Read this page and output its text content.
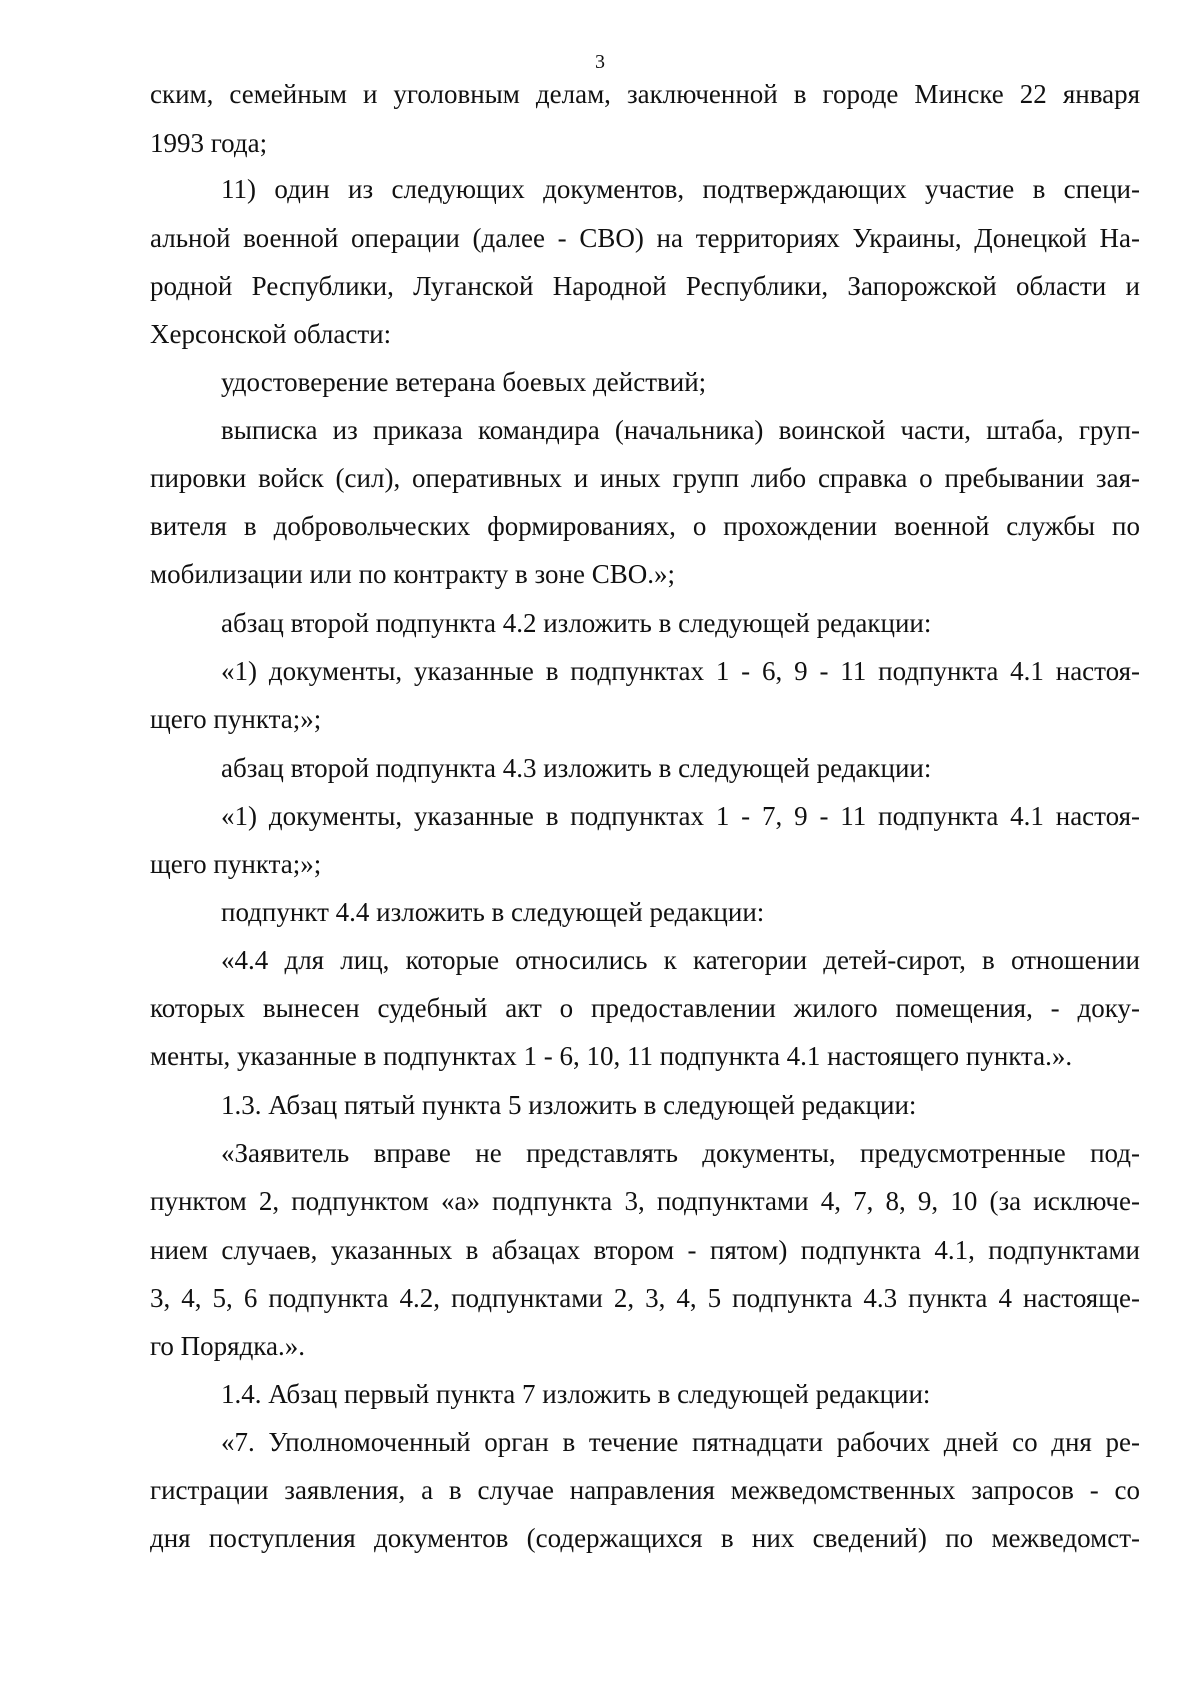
3
ским, семейным и уголовным делам, заключенной в городе Минске 22 января
1993 года;
11) один из следующих документов, подтверждающих участие в специ-
альной военной операции (далее - СВО) на территориях Украины, Донецкой На-
родной Республики, Луганской Народной Республики, Запорожской области и
Херсонской области:
удостоверение ветерана боевых действий;
выписка из приказа командира (начальника) воинской части, штаба, груп-
пировки войск (сил), оперативных и иных групп либо справка о пребывании зая-
вителя в добровольческих формированиях, о прохождении военной службы по
мобилизации или по контракту в зоне СВО.»;
абзац второй подпункта 4.2 изложить в следующей редакции:
«1) документы, указанные в подпунктах 1 - 6, 9 - 11 подпункта 4.1 настоя-
щего пункта;»;
абзац второй подпункта 4.3 изложить в следующей редакции:
«1) документы, указанные в подпунктах 1 - 7, 9 - 11 подпункта 4.1 настоя-
щего пункта;»;
подпункт 4.4 изложить в следующей редакции:
«4.4 для лиц, которые относились к категории детей-сирот, в отношении
которых вынесен судебный акт о предоставлении жилого помещения, - доку-
менты, указанные в подпунктах 1 - 6, 10, 11 подпункта 4.1 настоящего пункта.».
1.3. Абзац пятый пункта 5 изложить в следующей редакции:
«Заявитель вправе не представлять документы, предусмотренные под-
пунктом 2, подпунктом «а» подпункта 3, подпунктами 4, 7, 8, 9, 10 (за исключе-
нием случаев, указанных в абзацах втором - пятом) подпункта 4.1, подпунктами
3, 4, 5, 6 подпункта 4.2, подпунктами 2, 3, 4, 5 подпункта 4.3 пункта 4 настояще-
го Порядка.».
1.4. Абзац первый пункта 7 изложить в следующей редакции:
«7. Уполномоченный орган в течение пятнадцати рабочих дней со дня ре-
гистрации заявления, а в случае направления межведомственных запросов - со
дня поступления документов (содержащихся в них сведений) по межведомст-
